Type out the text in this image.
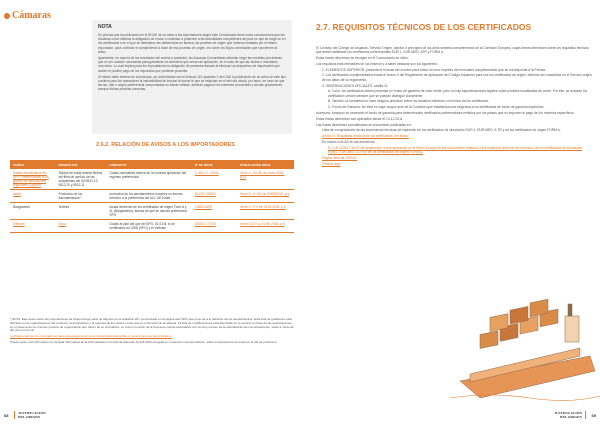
Cámaras
NOTA

Se precisa que la publicación en el BOUE de un aviso a los importadores según este Comunicado tiene como consecuencia que las Aduanas como sistema la obligación de enviar a contestar a posteriori a las autoridades competentes del país en que se exige se en los certificados o en el que se detectaron las deficiencias en factura, las pruebas de origen que hubiera recabado por el mismo exportador, para controlar el cumplimiento a base de esa pruebas de origen, etc sobre los flujos comerciales que conciernen al aviso.

Igualmente, en espera de los resultados del control a posteriori, las Aduanas Comunitarias deberán exigir las medidas preventivas que en ser ocasión necesarias para garantizar los derechos que serían de aplicación, en el caso de que las dudas o resultados concretos. Lo cual implica para los importadores la obligación de presentar fianzas al efectuar los despachos de importación que avalen el posible pago de los impuestos que pudieran proceder.

Al mismo debe tenerse en cuenta que, de conformidad con el Artículo 119 apartado 3 del CAU la publicación de un aviso de este tipo conlleva para los operadores la imposibilidad de invocar la buena fe que se estipulan en el artículo citado, por tanto, en caso de que las ser, dan o origen preferencial comprobadas no fueran válidas, deberán pagarse los intereses al sobrante y demás gravámenes aunque dichas pruebas correctas.

2.6.2. RELACIÓN DE AVISOS A LOS IMPORTADORES
PAÍSES	PRODUCTOS	CONCEPTO	Nº DE DOUE	PUBLICACIÓN DOUE
Países beneficiarios del SPG Preferenciales a los grupos de aprovisiones regionales y grupos	Tejidos de malla abierta fieltros del fibra de acrílico de las subpartidas del SA 5512.12, 5512.20 y 5513.11	Dudas razonables acerca de la correcta aplicación del régimen preferencial	C 402 / 2 - 20/06	Serie C / 30,08, de como 2003, p.11
Israel	Productos de los Asentamientos*	productos de los asentamientos israelíes no forman derecho a la preferencia del ALC UE-Israel	2012/C 232/03	Serie C, nº 232 de 03/08/2012, p.5
Bangladesh	Textiles	dudas deriverán de los certificados de origen Form A y 4L (Bangladesh), acerca de que se calcula preferencia SPG	C/BDC/A/09	Serie C, nº 9 de 15.01.2009, p.9
Vietnam	Arroz	Dudas al plan del que del SPG, 01.03 al, si se certificados en 2006 (SPG) y el Vietnam	2005/C 177/05	Serie C/177 a, 24.08, 2006, p.8

* NOTA: Este aviso sobre las importaciones de Israel recoge parte de algunos en la ciudad E-VE / comunicado en la página web SPG que pone de a le hacerles de los asentamientos. Esta lista de gradientes está definida en las organizaciones del producto, la autorización y la rigurosa de los países en las que en el Servicio de la aduana. La lista de modificaciones está disponible en el servicio en línea de las autorizaciones en el sistema de los mismos puestos de organización que hacen de su vinculados. Lo cual en función de la frecuente ciertas actividades con los del proceso de la autoridad de las comunicaciones, suele a modo de del uso por los sin.

La Página web de los importadores hace presupuestos sobre el Comunicado disponible en la web del ente administrativo.

Puede verse más información en la Nota Informativa de la Administración Central de Aduanas de 6-8-2012 recogida en el servicio correspondiente, sobre importaciones de Israel en la UE de productos.

68	JUSTIFICACIÓN
DEL ORIGEN
2.7. REQUISITOS TÉCNICOS DE LOS CERTIFICADOS

El Consejo del Colegio de Aduanas, Servicio Origen, aprobó a principios de los años sesenta complementos de la Comisión Europea, cuyas líneas directrices sobre los requisitos técnicos que deben satisfacer los certificados preferenciales EUR.1, EUR-MED, ATR y FORM A.

Estas líneas directrices se recogen en el Comunicado de oficio.

Los requisitos más relevantes de los mismos y a saber destacar son los siguientes:

1. ELEMENTOS SUPERIOR: presenta la fórmula del nombre para evitar un error impreso del formulario cumplimentado que se corresponda a la Prensa.

2. Los certificados cumplimentados hasta el Anexo II del Reglamento de Aplicación del Código Aduanero para sus los certificados de origen, deberán ser expedidos en el Servicio origen de los datos de su reglamento.

3. OBSERVACIONES OFICIALES, casilla 11:

A. Color: los certificados deben presentar un fondo de garantía de color verde, pero no hay especificaciones legales sobre posibles tonalidades de verde. Por ello, se aceptan los certificados verdes siempre que se puedan distinguir claramente.

B. Tamaño: la normativa no hace ninguna precisión sobre los tamaños máximos o mínimos de los certificados.

C. Fondo de Garantía: No está en vigor ningún acto de la Comisión que establezca una exigencia a los certificados de fondo de garantía específica.

Asimismo, tampoco es necesario el fondo de garantía para determinados certificados preferenciales emitidos por los países que no imponen el pago de los modelos específicos.

Estas líneas directrices son aplicables desde el 13-12-2011.

Las líneas directrices consideradas se encuentran publicadas en:

Lista de comprobación de las impresiones técnicas de impresión de los certificados de circulación EUR.1, EUR-MED, A.TR y de los certificados de origen FORM A.

Anexo III: Requisitos técnicos de los certificados, del inciso:

En cuanto a ALAS en las directrices:

N.º UE 1106/17 de 27 de septiembre, sobre aplicación en el Reino Europa de los documentos relativos a los requisitos técnicos de impresión de los certificados de circulación EUR.1, EUR-MED, A.TR y de los certificados de origen FORM A.

Página Web de TAXUD.

Pinchar aquí

69
JUSTIFICACIÓN
DEL ORIGEN
